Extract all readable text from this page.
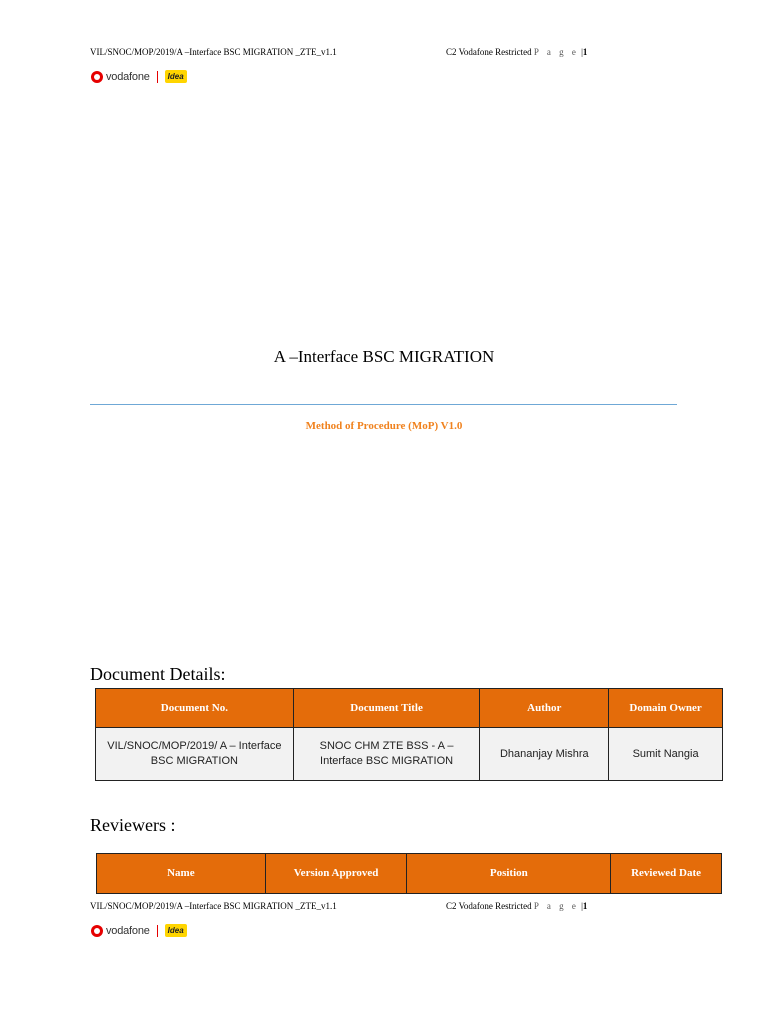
VIL/SNOC/MOP/2019/A –Interface BSC MIGRATION _ZTE_v1.1	C2 Vodafone Restricted P a g e |1
vodafone	Idea
A –Interface BSC MIGRATION
Method of Procedure (MoP) V1.0
Document Details:
Document No.	Document Title	Author	Domain Owner
VIL/SNOC/MOP/2019/ A – Interface BSC MIGRATION	SNOC CHM ZTE BSS - A – Interface BSC MIGRATION	Dhananjay Mishra	Sumit Nangia
Reviewers :
Name	Version Approved	Position	Reviewed Date
VIL/SNOC/MOP/2019/A –Interface BSC MIGRATION _ZTE_v1.1	C2 Vodafone Restricted P a g e |1
vodafone	Idea
